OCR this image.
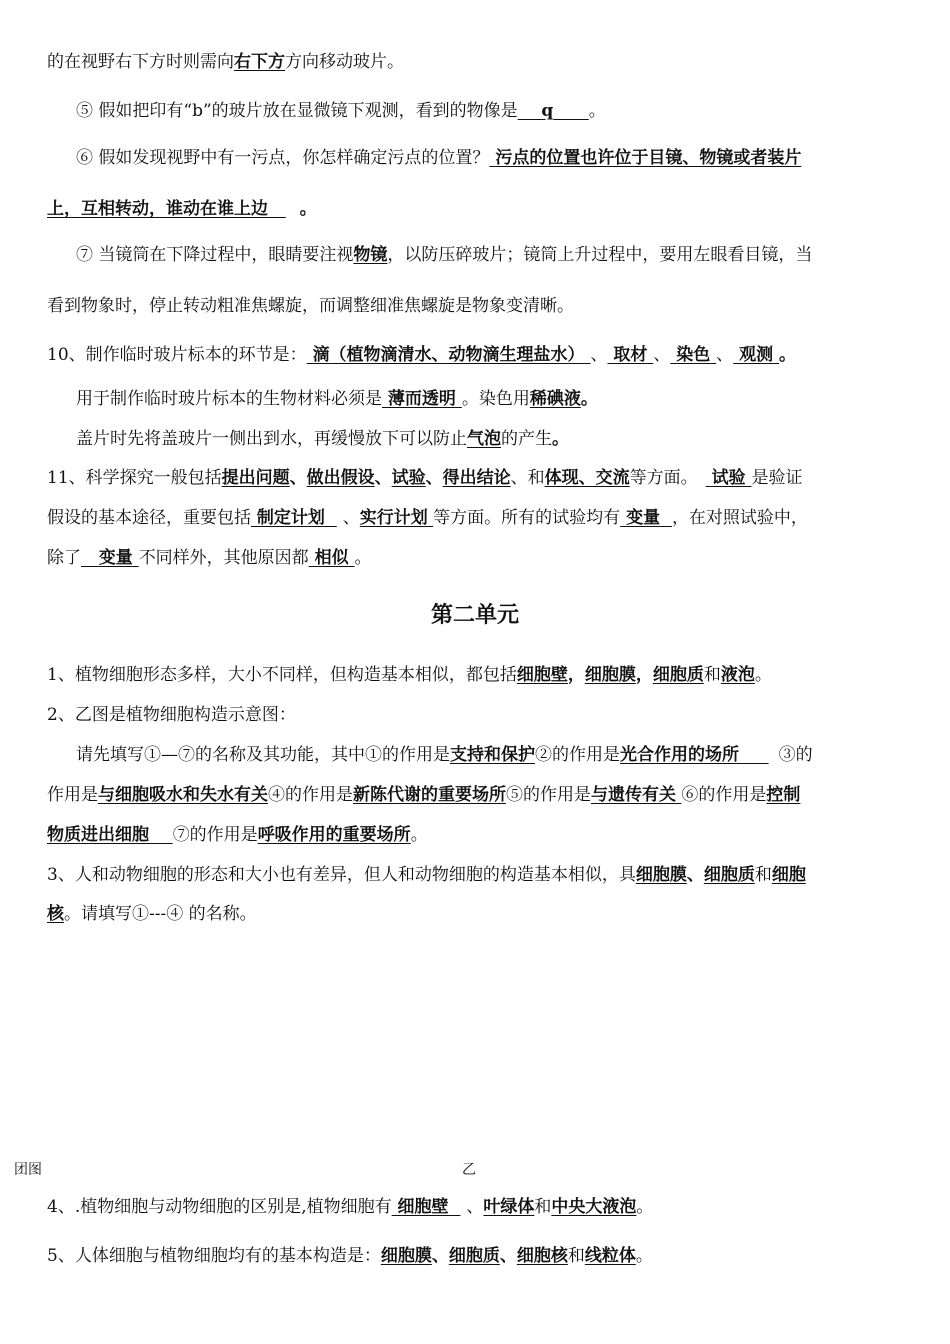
的在视野右下方时则需向右下方方向移动玻片。
⑤ 假如把印有“b”的玻片放在显微镜下观测，看到的物像是 q 。
⑥ 假如发现视野中有一污点，你怎样确定污点的位置？ 污点的位置也许位于目镜、物镜或者装片
上，互相转动，谁动在谁上边 。
⑦ 当镜筒在下降过程中，眼睛要注视物镜，以防压碎玻片；镜筒上升过程中，要用左眼看目镜，当
看到物象时，停止转动粗准焦螺旋，而调整细准焦螺旋是物象变清晰。
10、制作临时玻片标本的环节是： 滴（植物滴清水、动物滴生理盐水） 、 取材 、 染色 、 观测 。
用于制作临时玻片标本的生物材料必须是 薄而透明 。染色用稀碘液。
盖片时先将盖玻片一侧出到水，再缓慢放下可以防止气泡的产生。
11、科学探究一般包括提出问题、做出假设、试验、得出结论、和体现、交流等方面。 试验 是验证
假设的基本途径，重要包括 制定计划 、实行计划 等方面。所有的试验均有 变量 ，在对照试验中，
除了 变量 不同样外，其他原因都 相似 。
第二单元
1、植物细胞形态多样，大小不同样，但构造基本相似，都包括细胞壁，细胞膜，细胞质和液泡。
2、乙图是植物细胞构造示意图：
请先填写①—⑦的名称及其功能，其中①的作用是支持和保护②的作用是光合作用的场所 ③的
作用是与细胞吸水和失水有关④的作用是新陈代谢的重要场所⑤的作用是与遗传有关 ⑥的作用是控制
物质进出细胞 ⑦的作用是呼吸作用的重要场所。
3、人和动物细胞的形态和大小也有差异，但人和动物细胞的构造基本相似，具细胞膜、细胞质和细胞
核。请填写①---④ 的名称。
团图	乙
4、.植物细胞与动物细胞的区别是,植物细胞有 细胞壁 、叶绿体和中央大液泡。
5、人体细胞与植物细胞均有的基本构造是：细胞膜、细胞质、细胞核和线粒体。
